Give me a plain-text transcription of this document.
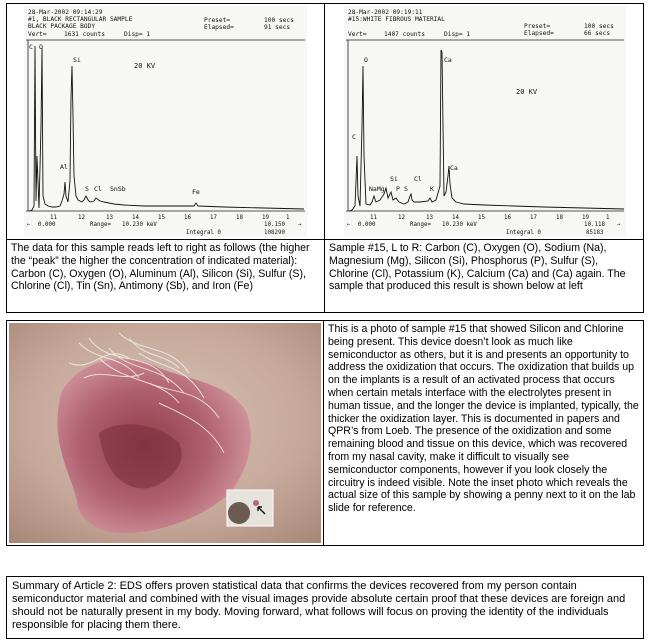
The data for this sample reads left to right as follows (the higher the “peak” the higher the concentration of indicated material): Carbon (C), Oxygen (O), Aluminum (Al), Silicon (Si), Sulfur (S), Chlorine (Cl), Tin (Sn), Antimony (Sb), and Iron (Fe)
Sample #15, L to R: Carbon (C), Oxygen (O), Sodium (Na), Magnesium (Mg), Silicon (Si), Phosphorus (P), Sulfur (S), Chlorine (Cl), Potassium (K), Calcium (Ca) and (Ca) again. The sample that produced this result is shown below at left
28-Mar-2002 09:14:29
#1, BLACK RECTANGULAR SAMPLE
BLACK PACKAGE BODY
Vert=	1631 counts	Disp= 1
Preset=
Elapsed=
100 secs
91 secs
20 KV
C O
Si
Al
S Cl SnSb	Fe
11	12	13	14	15	16	17	18	19	1
← 0.000	Range= 10.230 keV	10.150 →
Integral 0	108290
28-Mar-2002 09:19:11
#15:WHITE FIBROUS MATERIAL
Vert=	1407 counts	Disp= 1
Preset=
Elapsed=
100 secs
66 secs
20 KV
O	Ca
C
Si
NaMg P S
Cl
K
Ca
11	12	13	14	15	16	17	18	19	1
← 0.000	Range= 10.230 keV	10.118 →
Integral 0	85183
This is a photo of sample #15 that showed Silicon and Chlorine being present. This device doesn’t look as much like semiconductor as others, but it is and presents an opportunity to address the oxidization that occurs. The oxidization that builds up on the implants is a result of an activated process that occurs when certain metals interface with the electrolytes present in human tissue, and the longer the device is implanted, typically, the thicker the oxidization layer. This is documented in papers and QPR’s from Loeb. The presence of the oxidization and some remaining blood and tissue on this device, which was recovered from my nasal cavity, make it difficult to visually see semiconductor components, however if you look closely the circuitry is indeed visible. Note the inset photo which reveals the actual size of this sample by showing a penny next to it on the lab slide for reference.
Summary of Article 2: EDS offers proven statistical data that confirms the devices recovered from my person contain semiconductor material and combined with the visual images provide absolute certain proof that these devices are foreign and should not be naturally present in my body. Moving forward, what follows will focus on proving the identity of the individuals responsible for placing them there.
